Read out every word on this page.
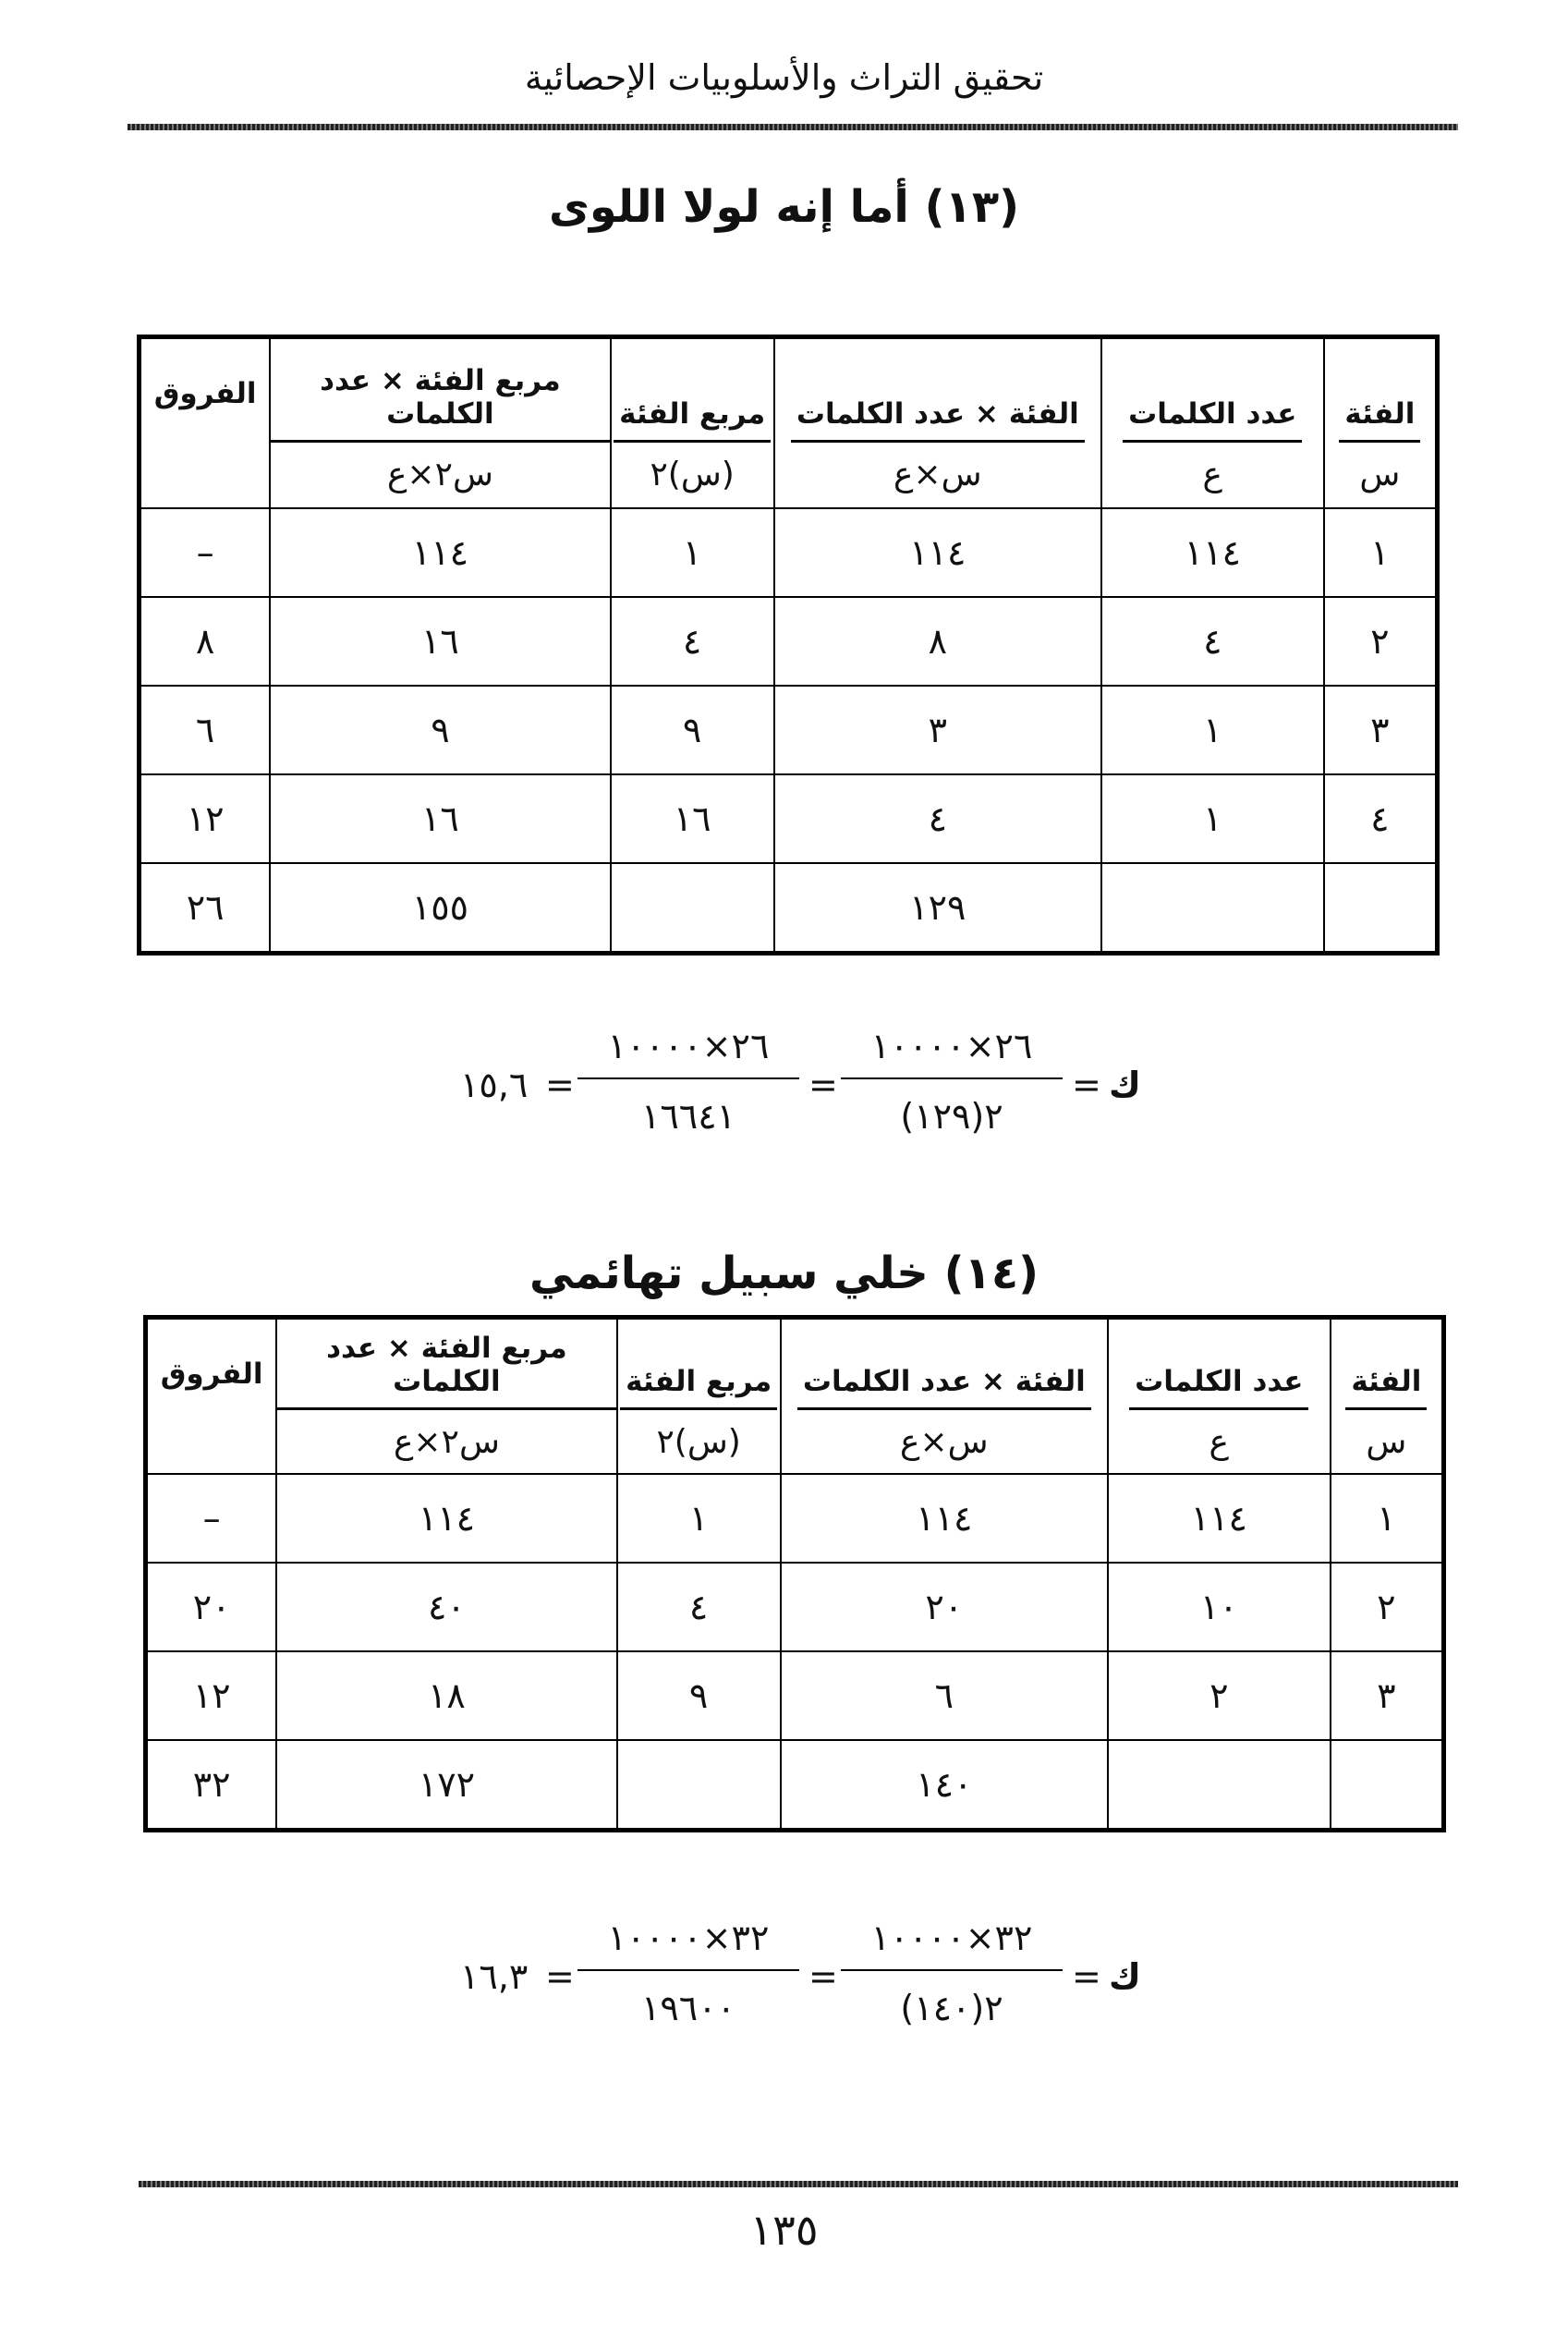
تحقيق التراث والأسلوبيات الإحصائية
(١٣) أما إنه لولا اللوى
الفئة	عدد الكلمات	الفئة × عدد الكلمات	مربع الفئة	مربع الفئة × عدد الكلمات	الفروق
س	ع	س×ع	(س)٢	س٢×ع	
١	١١٤	١١٤	١	١١٤	–
٢	٤	٨	٤	١٦	٨
٣	١	٣	٩	٩	٦
٤	١	٤	١٦	١٦	١٢
		١٢٩		١٥٥	٢٦
١٥,٦ =
٢٦×١٠٠٠٠
١٦٦٤١
=
٢٦×١٠٠٠٠
(١٢٩)٢
= ك
(١٤) خلي سبيل تهائمي
الفئة	عدد الكلمات	الفئة × عدد الكلمات	مربع الفئة	مربع الفئة × عدد الكلمات	الفروق
س	ع	س×ع	(س)٢	س٢×ع	
١	١١٤	١١٤	١	١١٤	–
٢	١٠	٢٠	٤	٤٠	٢٠
٣	٢	٦	٩	١٨	١٢
		١٤٠		١٧٢	٣٢
١٦,٣ =
٣٢×١٠٠٠٠
١٩٦٠٠
=
٣٢×١٠٠٠٠
(١٤٠)٢
= ك
١٣٥
